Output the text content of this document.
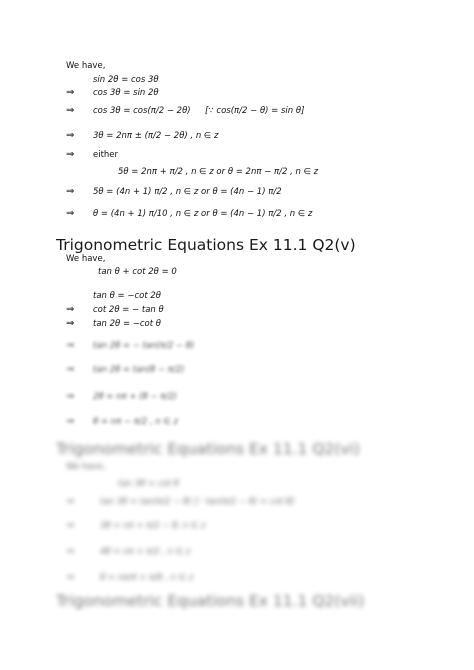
We have,
sin 2θ = cos 3θ
⇒ cos 3θ = sin 2θ
⇒ cos 3θ = cos(π/2 − 2θ) [∵ cos(π/2 − θ) = sin θ]
⇒ 3θ = 2nπ ± (π/2 − 2θ) , n ∈ z
⇒ either
5θ = 2nπ + π/2 , n ∈ z or θ = 2nπ − π/2 , n ∈ z
⇒ 5θ = (4n + 1) π/2 , n ∈ z or θ = (4n − 1) π/2
⇒ θ = (4n + 1) π/10 , n ∈ z or θ = (4n − 1) π/2 , n ∈ z
Trigonometric Equations Ex 11.1 Q2(v)
We have,
tan θ + cot 2θ = 0
tan θ = −cot 2θ
⇒ cot 2θ = − tan θ
⇒ tan 2θ = −cot θ
⇒ tan 2θ = − tan(π/2 − θ)
⇒ tan 2θ = tan(θ − π/2)
⇒ 2θ = nπ + (θ − π/2)
⇒ θ = nπ − π/2 , n ∈ z
Trigonometric Equations Ex 11.1 Q2(vi)
We have,
tan 3θ = cot θ
⇒	tan 3θ = tan(π/2 − θ) [∵ tan(π/2 − θ) = cot θ]
⇒	3θ = nπ + π/2 − θ, n ∈ z
⇒	4θ = nπ + π/2 , n ∈ z
⇒	θ = nπ/4 + π/8 , n ∈ z
Trigonometric Equations Ex 11.1 Q2(vii)
